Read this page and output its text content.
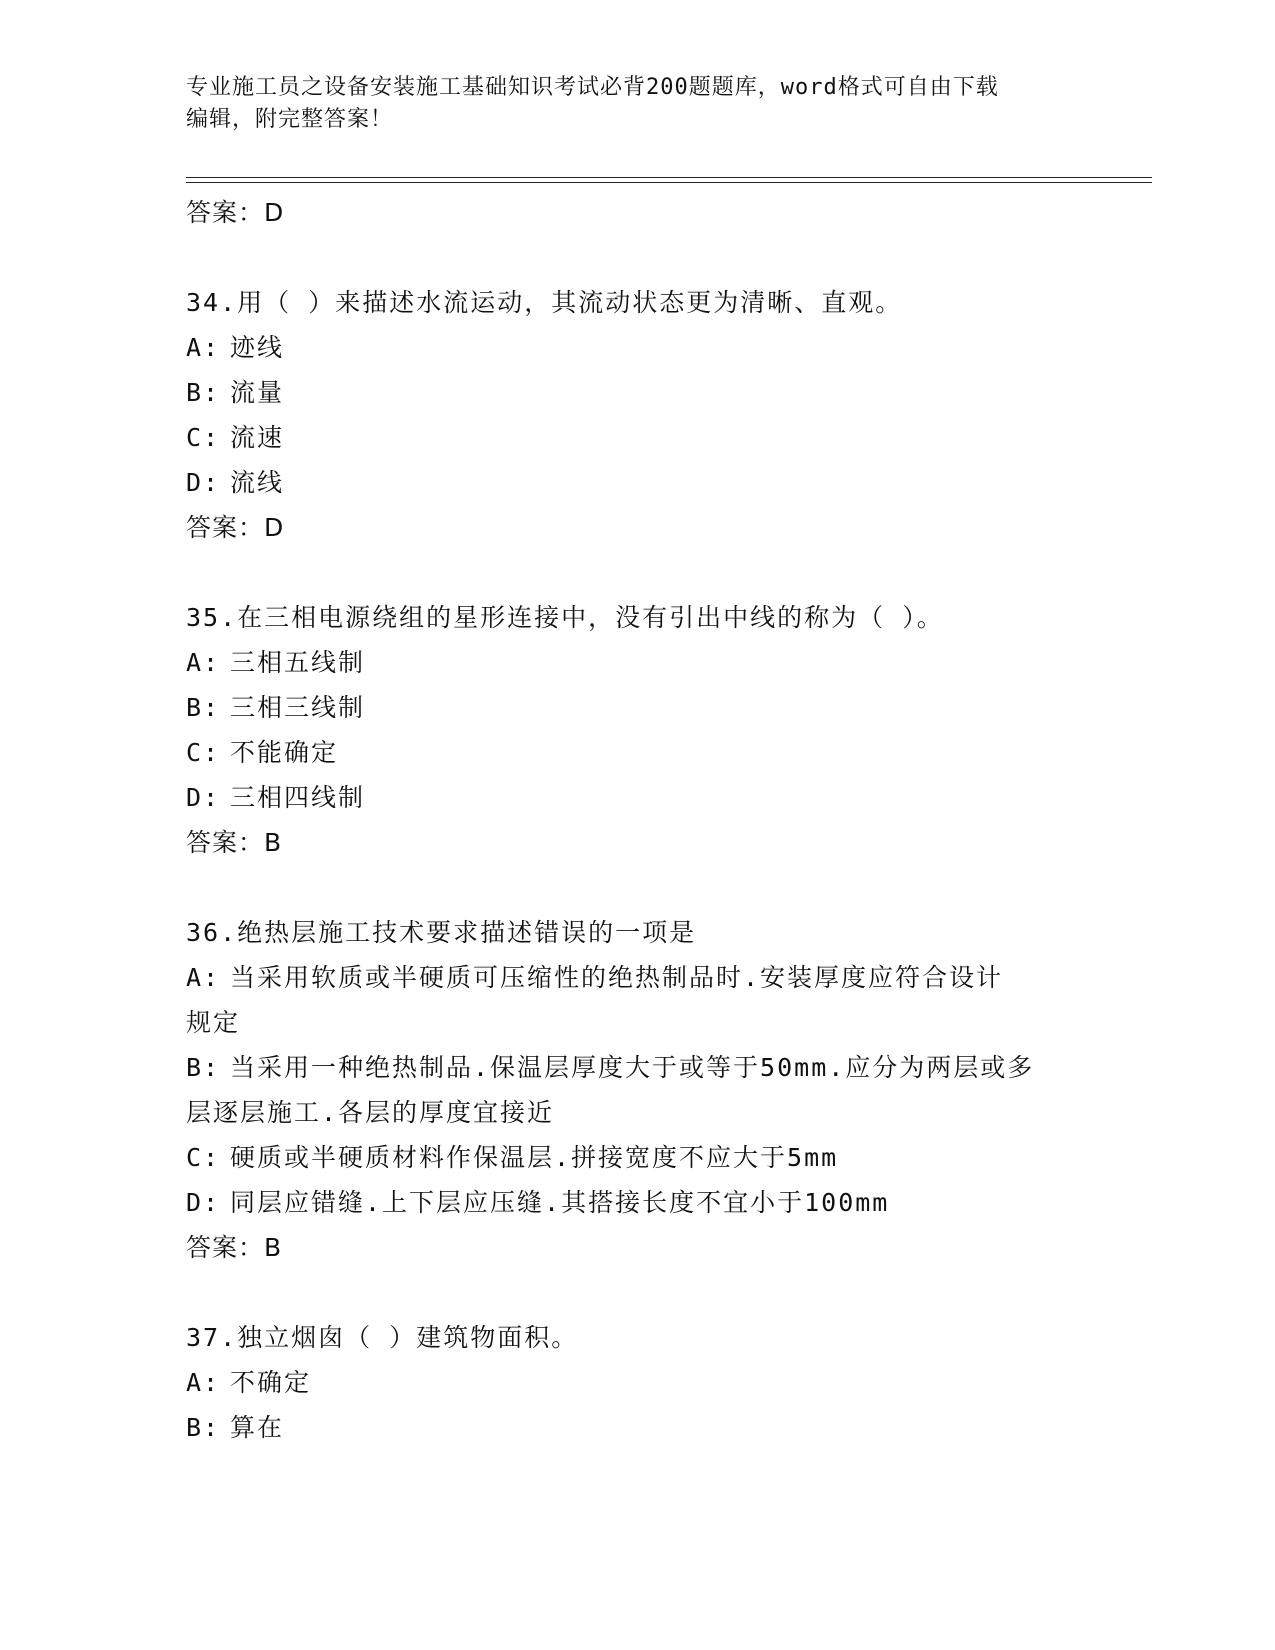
专业施工员之设备安装施工基础知识考试必背200题题库，word格式可自由下载
编辑，附完整答案！
答案：D
34.用（ ）来描述水流运动，其流动状态更为清晰、直观。
A: 迹线
B: 流量
C: 流速
D: 流线
答案：D
35.在三相电源绕组的星形连接中，没有引出中线的称为（ ）。
A: 三相五线制
B: 三相三线制
C: 不能确定
D: 三相四线制
答案：B
36.绝热层施工技术要求描述错误的一项是
A: 当采用软质或半硬质可压缩性的绝热制品时.安装厚度应符合设计
规定
B: 当采用一种绝热制品.保温层厚度大于或等于50mm.应分为两层或多
层逐层施工.各层的厚度宜接近
C: 硬质或半硬质材料作保温层.拼接宽度不应大于5mm
D: 同层应错缝.上下层应压缝.其搭接长度不宜小于100mm
答案：B
37.独立烟囱（ ）建筑物面积。
A: 不确定
B: 算在
